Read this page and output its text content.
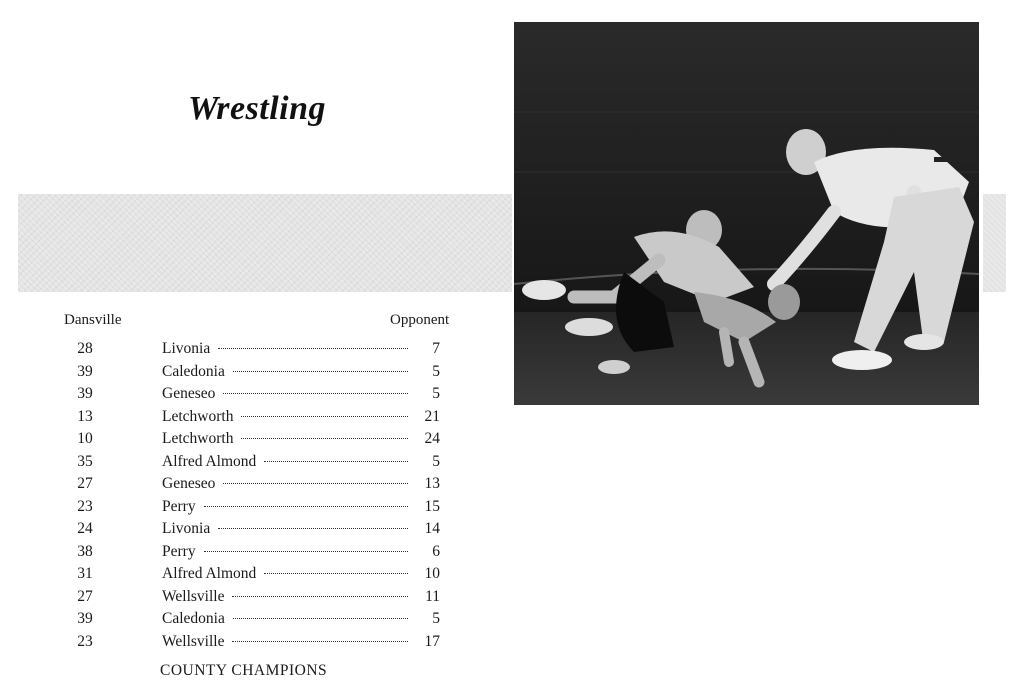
Wrestling
Dansville	Opponent
28	Livonia	7
39	Caledonia	5
39	Geneseo	5
13	Letchworth	21
10	Letchworth	24
35	Alfred Almond	5
27	Geneseo	13
23	Perry	15
24	Livonia	14
38	Perry	6
31	Alfred Almond	10
27	Wellsville	11
39	Caledonia	5
23	Wellsville	17
COUNTY CHAMPIONS
